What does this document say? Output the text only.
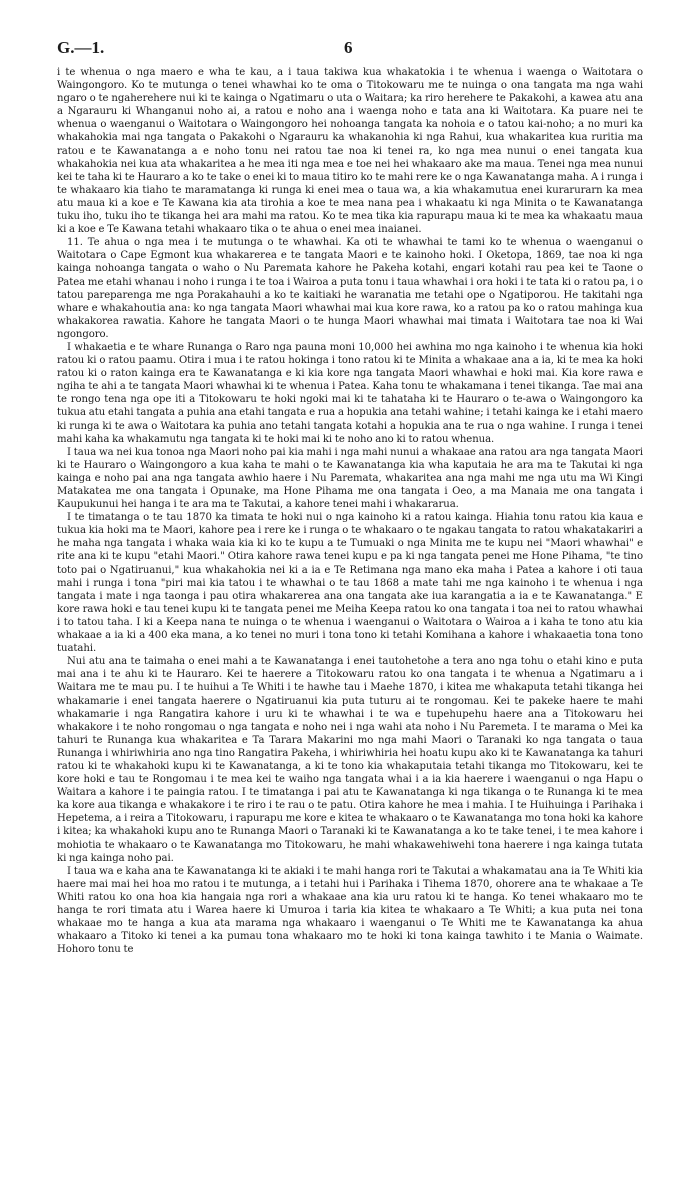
G.—1.	6

i te whenua o nga maero e wha te kau, a i taua takiwa kua whakatokia i te whenua i waenga o Waitotara o Waingongoro. Ko te mutunga o tenei whawhai ko te oma o Titokowaru me te nuinga o ona tangata ma nga wahi ngaro o te ngaherehere nui ki te kainga o Ngatimaru o uta o Waitara; ka riro herehere te Pakakohi, a kawea atu ana a Ngarauru ki Whanganui noho ai, a ratou e noho ana i waenga noho e tata ana ki Waitotara. Ka puare nei te whenua o waenganui o Waitotara o Waingongoro hei nohoanga tangata ka nohoia e o tatou kai-noho; a no muri ka whakahokia mai nga tangata o Pakakohi o Ngarauru ka whakanohia ki nga Rahui, kua whakaritea kua ruritia ma ratou e te Kawanatanga a e noho tonu nei ratou tae noa ki tenei ra, ko nga mea nunui o enei tangata kua whakahokia nei kua ata whakaritea a he mea iti nga mea e toe nei hei whakaaro ake ma maua. Tenei nga mea nunui kei te taha ki te Hauraro a ko te take o enei ki to maua titiro ko te mahi rere ke o nga Kawanatanga maha. A i runga i te whakaaro kia tiaho te maramatanga ki runga ki enei mea o taua wa, a kia whakamutua enei kurarurarn ka mea atu maua ki a koe e Te Kawana kia ata tirohia a koe te mea nana pea i whakaatu ki nga Minita o te Kawanatanga tuku iho, tuku iho te tikanga hei ara mahi ma ratou. Ko te mea tika kia rapurapu maua ki te mea ka whakaatu maua ki a koe e Te Kawana tetahi whakaaro tika o te ahua o enei mea inaianei.

11. Te ahua o nga mea i te mutunga o te whawhai. Ka oti te whawhai te tami ko te whenua o waenganui o Waitotara o Cape Egmont kua whakarerea e te tangata Maori e te kainoho hoki. I Oketopa, 1869, tae noa ki nga kainga nohoanga tangata o waho o Nu Paremata kahore he Pakeha kotahi, engari kotahi rau pea kei te Taone o Patea me etahi whanau i noho i runga i te toa i Wairoa a puta tonu i taua whawhai i ora hoki i te tata ki o ratou pa, i o tatou pareparenga me nga Porakahauhi a ko te kaitiaki he waranatia me tetahi ope o Ngatiporou. He takitahi nga whare e whakahoutia ana: ko nga tangata Maori whawhai mai kua kore rawa, ko a ratou pa ko o ratou mahinga kua whakakorea rawatia. Kahore he tangata Maori o te hunga Maori whawhai mai timata i Waitotara tae noa ki Wai ngongoro.

I whakaetia e te whare Runanga o Raro nga pauna moni 10,000 hei awhina mo nga kainoho i te whenua kia hoki ratou ki o ratou paamu. Otira i mua i te ratou hokinga i tono ratou ki te Minita a whakaae ana a ia, ki te mea ka hoki ratou ki o raton kainga era te Kawanatanga e ki kia kore nga tangata Maori whawhai e hoki mai. Kia kore rawa e ngiha te ahi a te tangata Maori whawhai ki te whenua i Patea. Kaha tonu te whakamana i tenei tikanga. Tae mai ana te rongo tena nga ope iti a Titokowaru te hoki ngoki mai ki te tahataha ki te Hauraro o te-awa o Waingongoro ka tukua atu etahi tangata a puhia ana etahi tangata e rua a hopukia ana tetahi wahine; i tetahi kainga ke i etahi maero ki runga ki te awa o Waitotara ka puhia ano tetahi tangata kotahi a hopukia ana te rua o nga wahine. I runga i tenei mahi kaha ka whakamutu nga tangata ki te hoki mai ki te noho ano ki to ratou whenua.

I taua wa nei kua tonoa nga Maori noho pai kia mahi i nga mahi nunui a whakaae ana ratou ara nga tangata Maori ki te Hauraro o Waingongoro a kua kaha te mahi o te Kawanatanga kia wha kaputaia he ara ma te Takutai ki nga kainga e noho pai ana nga tangata awhio haere i Nu Paremata, whakaritea ana nga mahi me nga utu ma Wi Kingi Matakatea me ona tangata i Opunake, ma Hone Pihama me ona tangata i Oeo, a ma Manaia me ona tangata i Kaupukunui hei hanga i te ara ma te Takutai, a kahore tenei mahi i whakararua.

I te timatanga o te tau 1870 ka timata te hoki nui o nga kainoho ki a ratou kainga. Hiahia tonu ratou kia kaua e tukua kia hoki ma te Maori, kahore pea i rere ke i runga o te whakaaro o te ngakau tangata to ratou whakatakariri a he maha nga tangata i whaka waia kia ki ko te kupu a te Tumuaki o nga Minita me te kupu nei "Maori whawhai" e rite ana ki te kupu "etahi Maori." Otira kahore rawa tenei kupu e pa ki nga tangata penei me Hone Pihama, "te tino toto pai o Ngatiruanui," kua whakahokia nei ki a ia e Te Retimana nga mano eka maha i Patea a kahore i oti taua mahi i runga i tona "piri mai kia tatou i te whawhai o te tau 1868 a mate tahi me nga kainoho i te whenua i nga tangata i mate i nga taonga i pau otira whakarerea ana ona tangata ake iua karangatia a ia e te Kawanatanga." E kore rawa hoki e tau tenei kupu ki te tangata penei me Meiha Keepa ratou ko ona tangata i toa nei to ratou whawhai i to tatou taha. I ki a Keepa nana te nuinga o te whenua i waenganui o Waitotara o Wairoa a i kaha te tono atu kia whakaae a ia ki a 400 eka mana, a ko tenei no muri i tona tono ki tetahi Komihana a kahore i whakaaetia tona tono tuatahi.

Nui atu ana te taimaha o enei mahi a te Kawanatanga i enei tautohetohe a tera ano nga tohu o etahi kino e puta mai ana i te ahu ki te Hauraro. Kei te haerere a Titokowaru ratou ko ona tangata i te whenua a Ngatimaru a i Waitara me te mau pu. I te huihui a Te Whiti i te hawhe tau i Maehe 1870, i kitea me whakaputa tetahi tikanga hei whakamarie i enei tangata haerere o Ngatiruanui kia puta tuturu ai te rongomau. Kei te pakeke haere te mahi whakamarie i nga Rangatira kahore i uru ki te whawhai i te wa e tupehupehu haere ana a Titokowaru hei whakakore i te noho rongomau o nga tangata e noho nei i nga wahi ata noho i Nu Paremeta. I te marama o Mei ka tahuri te Runanga kua whakaritea e Ta Tarara Makarini mo nga mahi Maori o Taranaki ko nga tangata o taua Runanga i whiriwhiria ano nga tino Rangatira Pakeha, i whiriwhiria hei hoatu kupu ako ki te Kawanatanga ka tahuri ratou ki te whakahoki kupu ki te Kawanatanga, a ki te tono kia whakaputaia tetahi tikanga mo Titokowaru, kei te kore hoki e tau te Rongomau i te mea kei te waiho nga tangata whai i a ia kia haerere i waenganui o nga Hapu o Waitara a kahore i te paingia ratou. I te timatanga i pai atu te Kawanatanga ki nga tikanga o te Runanga ki te mea ka kore aua tikanga e whakakore i te riro i te rau o te patu. Otira kahore he mea i mahia. I te Huihuinga i Parihaka i Hepetema, a i reira a Titokowaru, i rapurapu me kore e kitea te whakaaro o te Kawanatanga mo tona hoki ka kahore i kitea; ka whakahoki kupu ano te Runanga Maori o Taranaki ki te Kawanatanga a ko te take tenei, i te mea kahore i mohiotia te whakaaro o te Kawanatanga mo Titokowaru, he mahi whakawehiwehi tona haerere i nga kainga tutata ki nga kainga noho pai.

I taua wa e kaha ana te Kawanatanga ki te akiaki i te mahi hanga rori te Takutai a whakamatau ana ia Te Whiti kia haere mai mai hei hoa mo ratou i te mutunga, a i tetahi hui i Parihaka i Tihema 1870, ohorere ana te whakaae a Te Whiti ratou ko ona hoa kia hangaia nga rori a whakaae ana kia uru ratou ki te hanga. Ko tenei whakaaro mo te hanga te rori timata atu i Warea haere ki Umuroa i taria kia kitea te whakaaro a Te Whiti; a kua puta nei tona whakaae mo te hanga a kua ata marama nga whakaaro i waenganui o Te Whiti me te Kawanatanga ka ahua whakaaro a Titoko ki tenei a ka pumau tona whakaaro mo te hoki ki tona kainga tawhito i te Mania o Waimate. Hohoro tonu te
